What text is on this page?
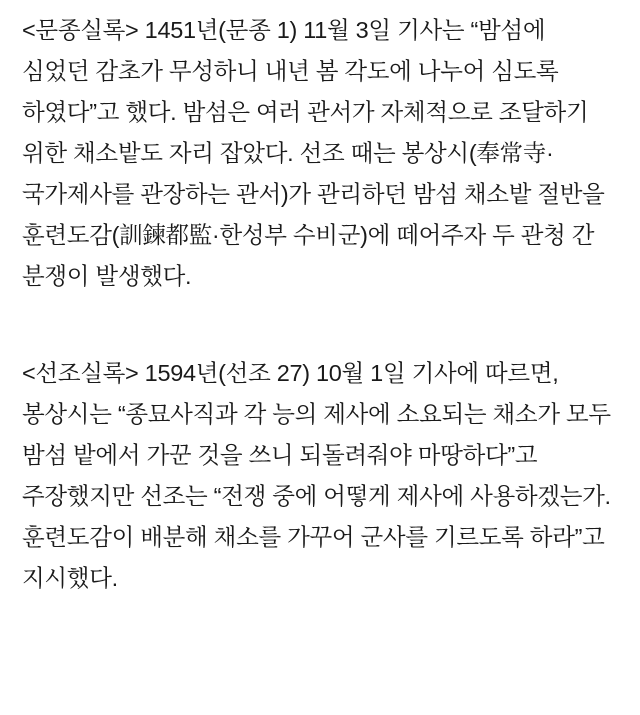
<문종실록> 1451년(문종 1) 11월 3일 기사는 “밤섬에 심었던 감초가 무성하니 내년 봄 각도에 나누어 심도록 하였다”고 했다. 밤섬은 여러 관서가 자체적으로 조달하기 위한 채소밭도 자리 잡았다. 선조 때는 봉상시(奉常寺·국가제사를 관장하는 관서)가 관리하던 밤섬 채소밭 절반을 훈련도감(訓鍊都監·한성부 수비군)에 떼어주자 두 관청 간 분쟁이 발생했다.

<선조실록> 1594년(선조 27) 10월 1일 기사에 따르면, 봉상시는 “종묘사직과 각 능의 제사에 소요되는 채소가 모두 밤섬 밭에서 가꾼 것을 쓰니 되돌려줘야 마땅하다”고 주장했지만 선조는 “전쟁 중에 어떻게 제사에 사용하겠는가. 훈련도감이 배분해 채소를 가꾸어 군사를 기르도록 하라”고 지시했다.
